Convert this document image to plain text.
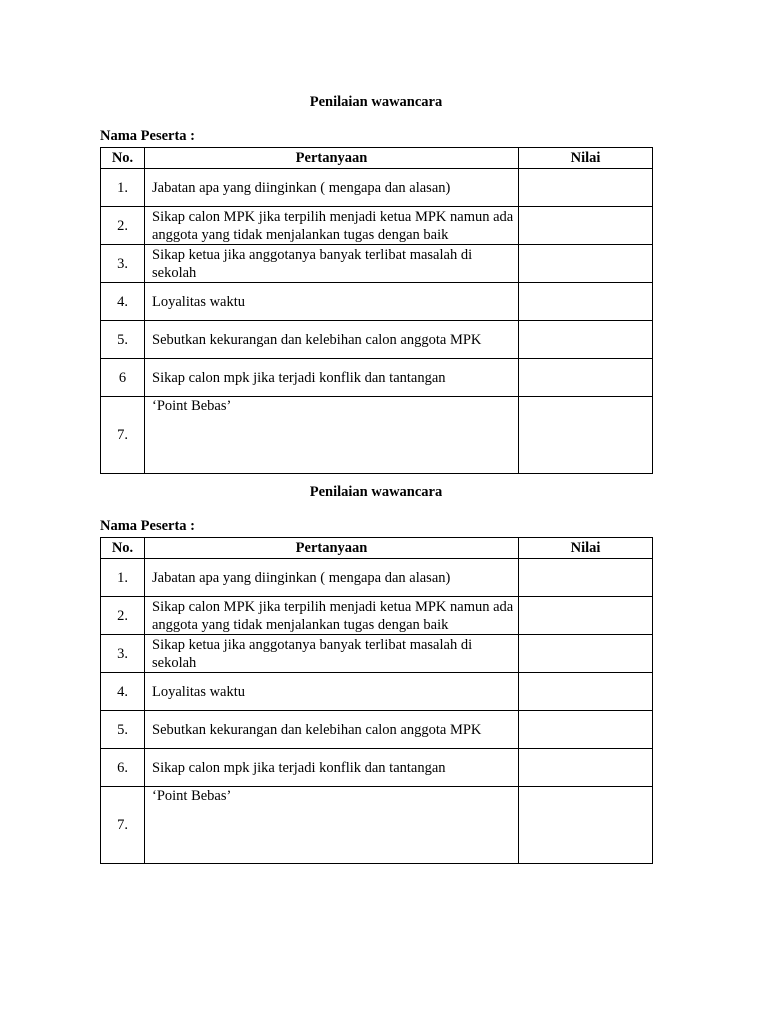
Penilaian wawancara
Nama Peserta :
No.	Pertanyaan	Nilai
1.	Jabatan apa yang diinginkan ( mengapa dan alasan)	
2.	Sikap calon MPK jika terpilih menjadi ketua MPK namun ada anggota yang tidak menjalankan tugas dengan baik	
3.	Sikap ketua jika anggotanya banyak terlibat masalah di sekolah	
4.	Loyalitas waktu	
5.	Sebutkan kekurangan dan kelebihan calon anggota MPK	
6	Sikap calon mpk jika terjadi konflik dan tantangan	
7.	‘Point Bebas’	
Penilaian wawancara
Nama Peserta :
No.	Pertanyaan	Nilai
1.	Jabatan apa yang diinginkan ( mengapa dan alasan)	
2.	Sikap calon MPK jika terpilih menjadi ketua MPK namun ada anggota yang tidak menjalankan tugas dengan baik	
3.	Sikap ketua jika anggotanya banyak terlibat masalah di sekolah	
4.	Loyalitas waktu	
5.	Sebutkan kekurangan dan kelebihan calon anggota MPK	
6.	Sikap calon mpk jika terjadi konflik dan tantangan	
7.	‘Point Bebas’	
